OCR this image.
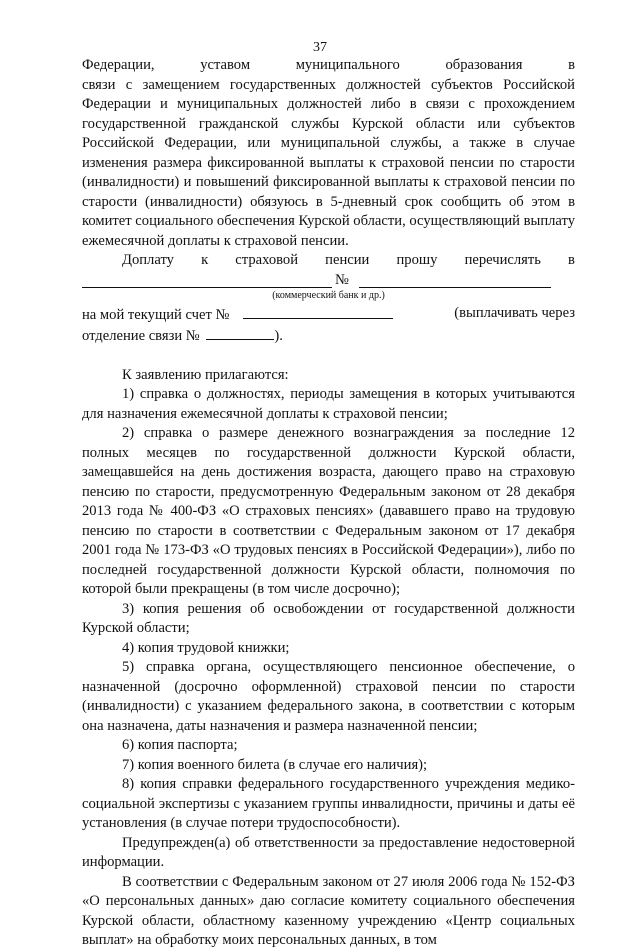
37
Федерации,	уставом	муниципального	образования	в

связи с замещением государственных должностей субъектов Российской Федерации и муниципальных должностей либо в связи с прохождением государственной гражданской службы Курской области или субъектов Российской Федерации, или муниципальной службы, а также в случае изменения размера фиксированной выплаты к страховой пенсии по старости (инвалидности) и повышений фиксированной выплаты к страховой пенсии по старости (инвалидности) обязуюсь в 5-дневный срок сообщить об этом в комитет социального обеспечения Курской области, осуществляющий выплату ежемесячной доплаты к страховой пенсии.

Доплату к страховой пенсии прошу перечислять в
№
(коммерческий банк и др.)
на мой текущий счет №	(выплачивать через
отделение связи №	).

К заявлению прилагаются:

1) справка о должностях, периоды замещения в которых учитываются для назначения ежемесячной доплаты к страховой пенсии;

2) справка о размере денежного вознаграждения за последние 12 полных месяцев по государственной должности Курской области, замещавшейся на день достижения возраста, дающего право на страховую пенсию по старости, предусмотренную Федеральным законом от 28 декабря 2013 года № 400-ФЗ «О страховых пенсиях» (дававшего право на трудовую пенсию по старости в соответствии с Федеральным законом от 17 декабря 2001 года № 173-ФЗ «О трудовых пенсиях в Российской Федерации»), либо по последней государственной должности Курской области, полномочия по которой были прекращены (в том числе досрочно);

3) копия решения об освобождении от государственной должности Курской области;

4) копия трудовой книжки;

5) справка органа, осуществляющего пенсионное обеспечение, о назначенной (досрочно оформленной) страховой пенсии по старости (инвалидности) с указанием федерального закона, в соответствии с которым она назначена, даты назначения и размера назначенной пенсии;

6) копия паспорта;

7) копия военного билета (в случае его наличия);

8) копия справки федерального государственного учреждения медико-социальной экспертизы с указанием группы инвалидности, причины и даты её установления (в случае потери трудоспособности).

Предупрежден(а) об ответственности за предоставление недостоверной информации.

В соответствии с Федеральным законом от 27 июля 2006 года № 152-ФЗ «О персональных данных» даю согласие комитету социального обеспечения Курской области, областному казенному учреждению «Центр социальных выплат» на обработку моих персональных данных, в том
